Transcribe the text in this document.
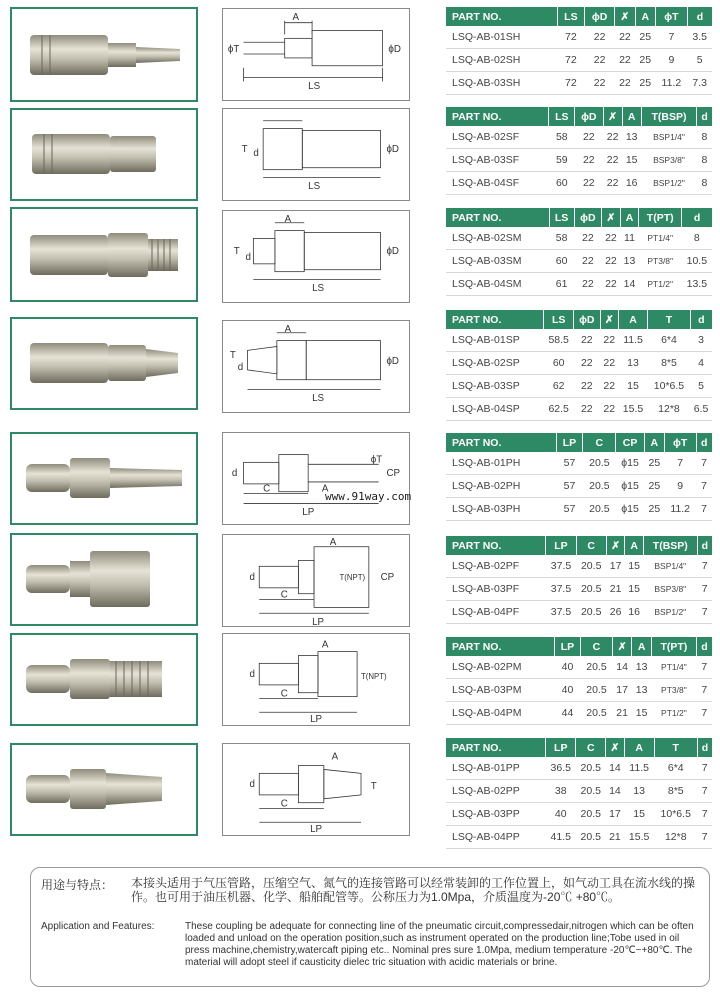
A
ϕT	ϕD
LS
T d	ϕD
LS
A
T
d
ϕD
LS
A
T
d
ϕD
LS
d
ϕT
CP
C	A
LP
A
d	T(NPT) CP
C
LP
A
d	T(NPT)
C
LP
A
d	T
C
LP
PART NO.	LS	ϕD	✗	A	ϕT	d
LSQ-AB-01SH	72	22	22	25	7	3.5
LSQ-AB-02SH	72	22	22	25	9	5
LSQ-AB-03SH	72	22	22	25	11.2	7.3
PART NO.	LS	ϕD	✗	A	T(BSP)	d
LSQ-AB-02SF	58	22	22	13	BSP1/4"	8
LSQ-AB-03SF	59	22	22	15	BSP3/8"	8
LSQ-AB-04SF	60	22	22	16	BSP1/2"	8
PART NO.	LS	ϕD	✗	A	T(PT)	d
LSQ-AB-02SM	58	22	22	11	PT1/4"	8
LSQ-AB-03SM	60	22	22	13	PT3/8"	10.5
LSQ-AB-04SM	61	22	22	14	PT1/2"	13.5
PART NO.	LS	ϕD	✗	A	T	d
LSQ-AB-01SP	58.5	22	22	11.5	6*4	3
LSQ-AB-02SP	60	22	22	13	8*5	4
LSQ-AB-03SP	62	22	22	15	10*6.5	5
LSQ-AB-04SP	62.5	22	22	15.5	12*8	6.5
PART NO.	LP	C	CP	A	ϕT	d
LSQ-AB-01PH	57	20.5	ϕ15	25	7	7
LSQ-AB-02PH	57	20.5	ϕ15	25	9	7
LSQ-AB-03PH	57	20.5	ϕ15	25	11.2	7
PART NO.	LP	C	✗	A	T(BSP)	d
LSQ-AB-02PF	37.5	20.5	17	15	BSP1/4"	7
LSQ-AB-03PF	37.5	20.5	21	15	BSP3/8"	7
LSQ-AB-04PF	37.5	20.5	26	16	BSP1/2"	7
PART NO.	LP	C	✗	A	T(PT)	d
LSQ-AB-02PM	40	20.5	14	13	PT1/4"	7
LSQ-AB-03PM	40	20.5	17	13	PT3/8"	7
LSQ-AB-04PM	44	20.5	21	15	PT1/2"	7
PART NO.	LP	C	✗	A	T	d
LSQ-AB-01PP	36.5	20.5	14	11.5	6*4	7
LSQ-AB-02PP	38	20.5	14	13	8*5	7
LSQ-AB-03PP	40	20.5	17	15	10*6.5	7
LSQ-AB-04PP	41.5	20.5	21	15.5	12*8	7
www.91way.com
用途与特点： 本接头适用于气压管路，压缩空气、氮气的连接管路可以经常装卸的工作位置上，如气动工具在流水线的操作。也可用于油压机器、化学、船舶配管等。公称压力为1.0Mpa，介质温度为-20℃ +80℃。
Application and Features:	These coupling be adequate for connecting line of the pneumatic circuit,compressedair,nitrogen which can be often loaded and unload on the operation position,such as instrument operated on the production line;Tobe used in oil press machine,chemistry,watercaft piping etc.. Nominal pres sure 1.0Mpa, medium temperature -20℃~+80℃. The material will adopt steel if causticity dielec tric situation with acidic materials or brine.
